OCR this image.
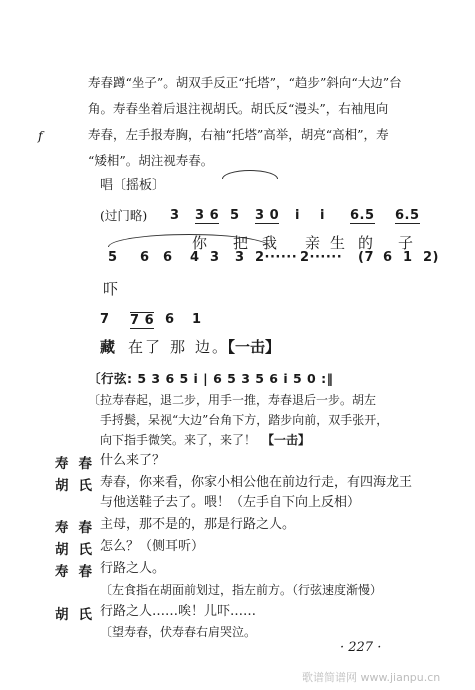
f
寿春蹲“坐子”。胡双手反正“托塔”，“趋步”斜向“大边”台
角。寿春坐着后退注视胡氏。胡氏反“漫头”，右袖甩向
寿春，左手报寿胸，右袖“托塔”高举，胡亮“高相”，寿
“矮相”。胡注视寿春。
唱〔摇板〕
(过门略) 3 3 6 5 3 0 i i 6.5 6.5
你 把 我 亲 生 的 子
5 6 6 4 3 3 2······ 2······ (7 6 1 2)
吓
7 7 6 6 1
藏 在了 那 边。
【一击】
〔行弦: 5 3 6 5 i | 6 5 3 5 6 i 5 0 :‖
〔拉寿春起，退二步，用手一推，寿春退后一步。胡左
手捋鬓，呆视“大边”台角下方，踏步向前，双手张开，
向下指手微笑。来了，来了！ 【一击】
寿春
什么来了？
胡氏
寿春，你来看，你家小相公他在前边行走，有四海龙王
与他送鞋子去了。喂！（左手自下向上反相）
寿春
主母，那不是的，那是行路之人。
胡氏
怎么？（侧耳听）
寿春
行路之人。
〔左食指在胡面前划过，指左前方。（行弦速度渐慢）
胡氏
行路之人……唉！儿吓……
〔望寿春，伏寿春右肩哭泣。
· 227 ·
歌谱简谱网 www.jianpu.cn
